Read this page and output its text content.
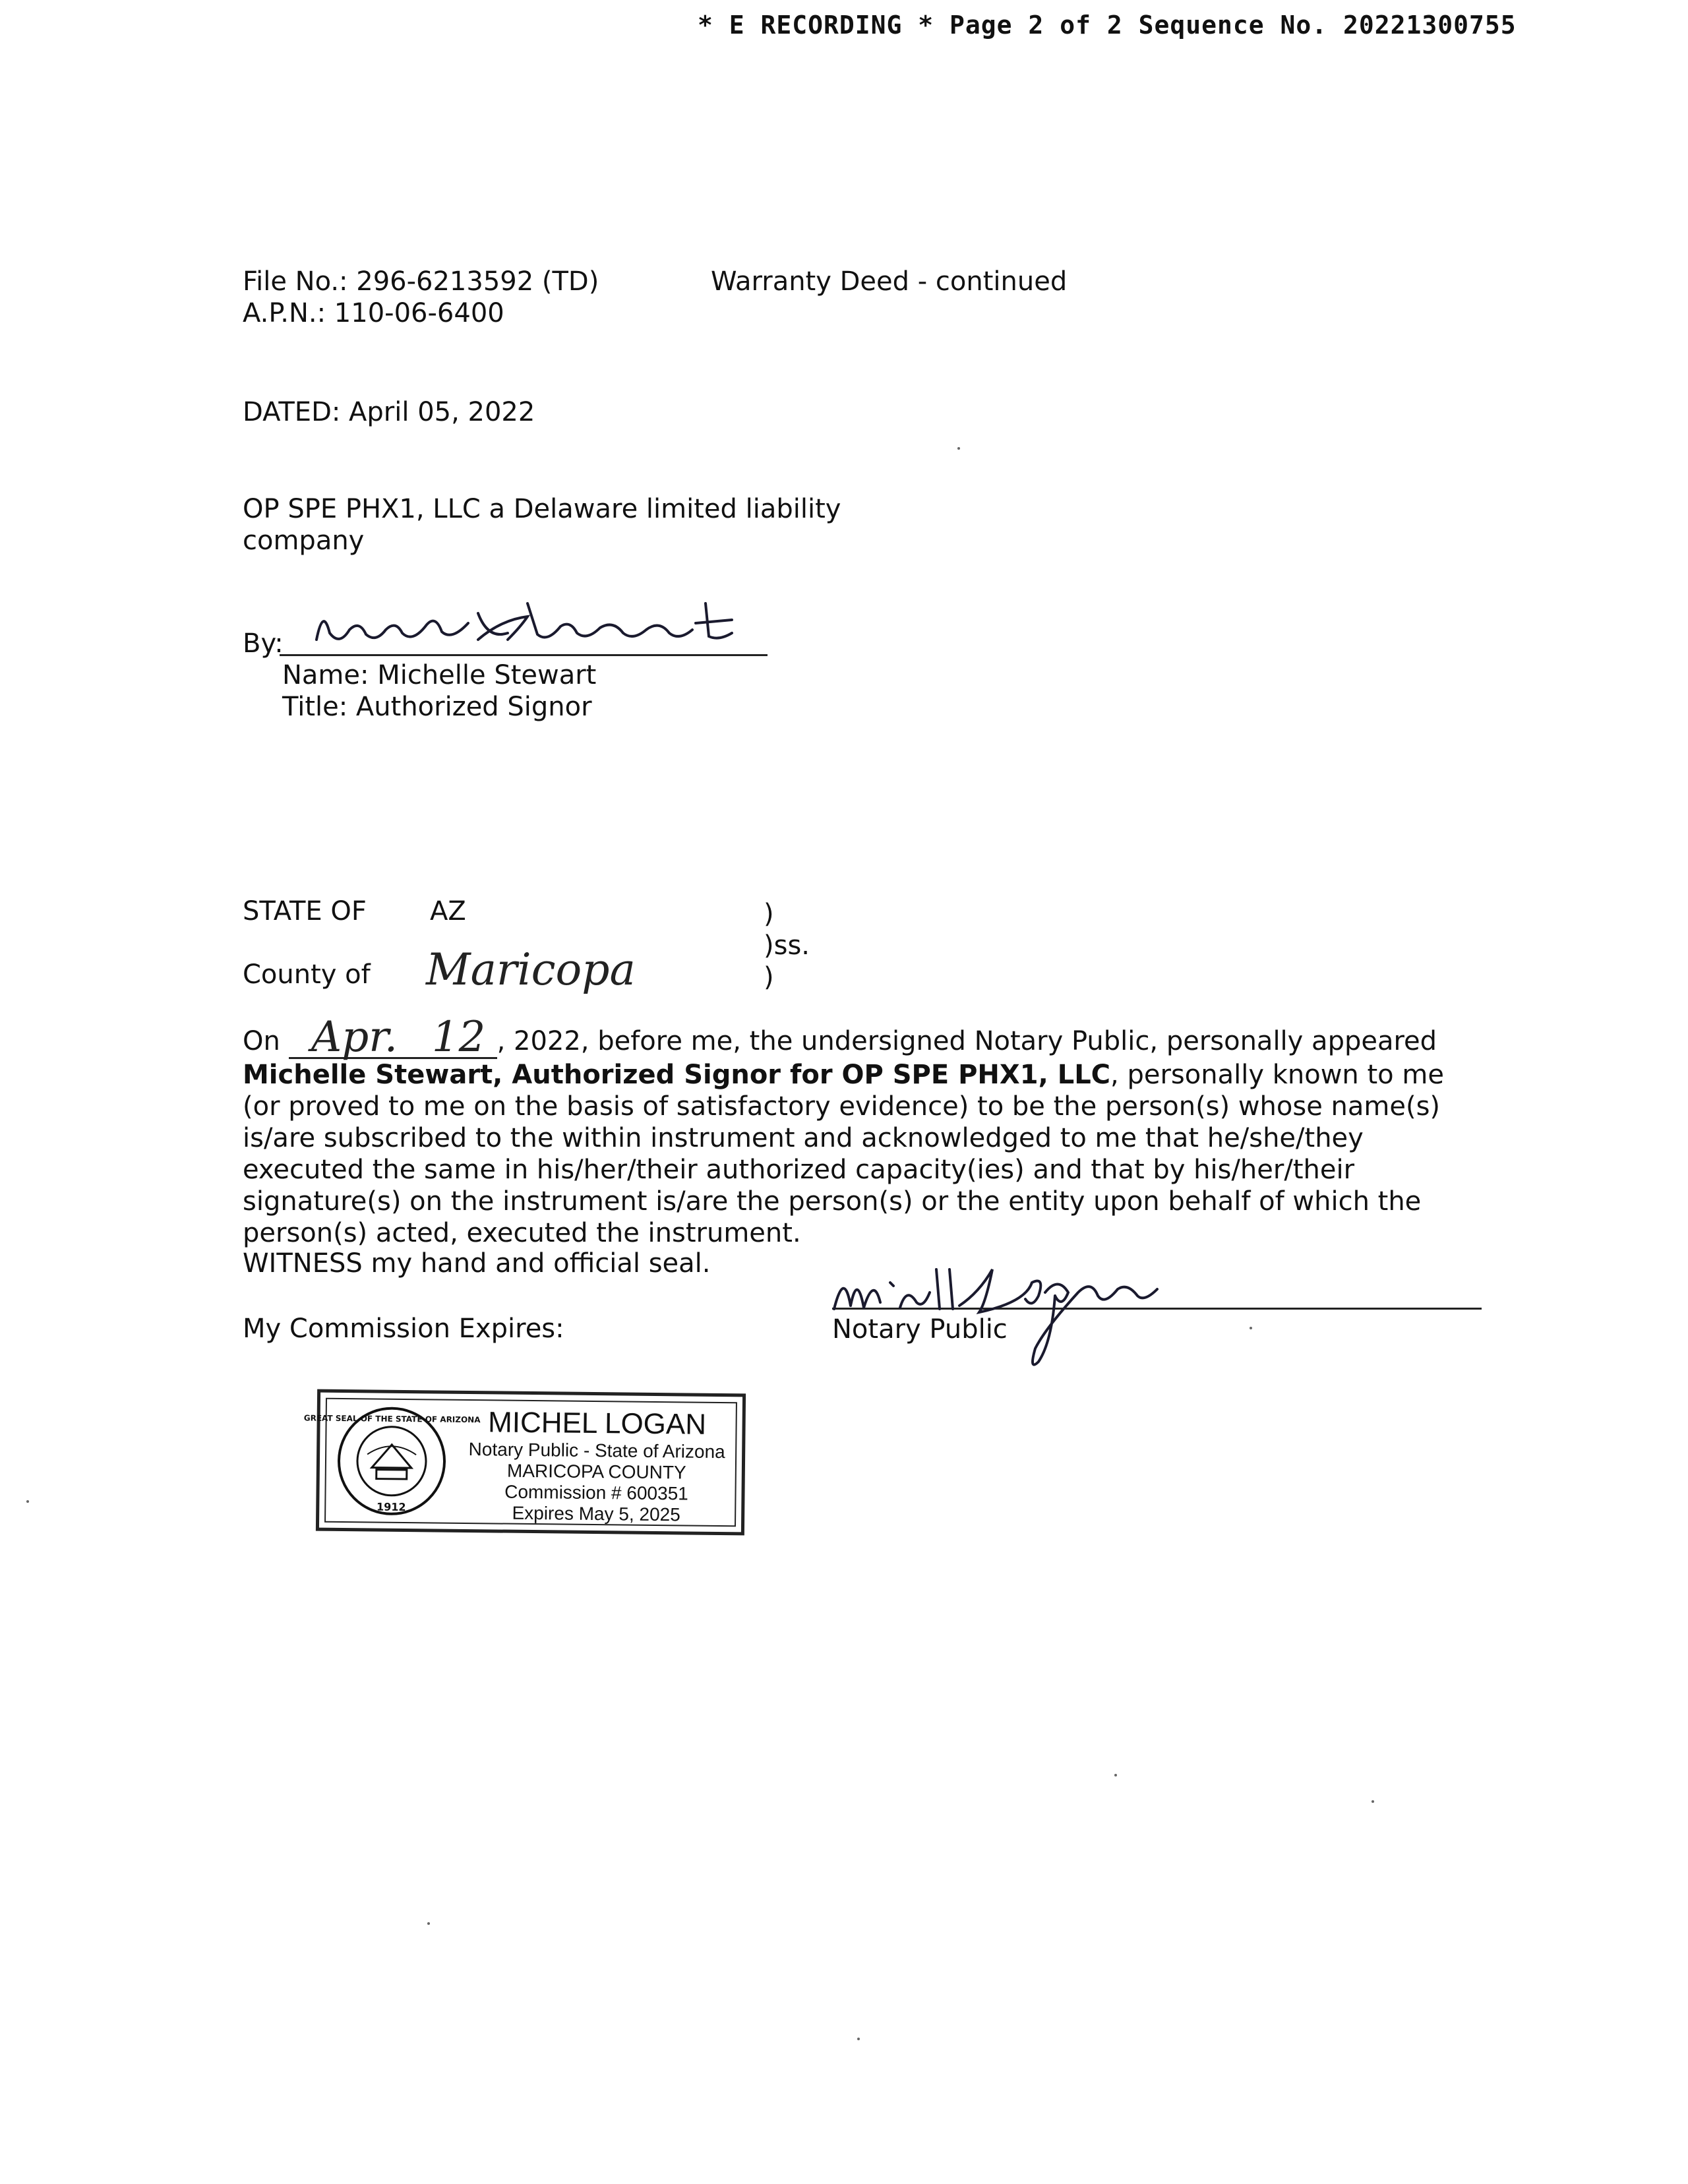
* E RECORDING * Page 2 of 2 Sequence No. 20221300755
File No.: 296-6213592 (TD)
A.P.N.: 110-06-6400
Warranty Deed - continued
DATED: April 05, 2022
OP SPE PHX1, LLC a Delaware limited liability
company
By:	Micca Stewart
Name: Michelle Stewart
Title: Authorized Signor
STATE OF AZ	)
)ss.
County of Maricopa	)
On Apr.
12 , 2022, before me, the undersigned Notary Public, personally appeared Michelle Stewart, Authorized Signor for OP SPE PHX1, LLC, personally known to me (or proved to me on the basis of satisfactory evidence) to be the person(s) whose name(s) is/are subscribed to the within instrument and acknowledged to me that he/she/they executed the same in his/her/their authorized capacity(ies) and that by his/her/their signature(s) on the instrument is/are the person(s) or the entity upon behalf of which the person(s) acted, executed the instrument.
WITNESS my hand and official seal.
My Commission Expires:
Michel Logan
Notary Public
GREAT SEAL OF THE STATE OF ARIZONA
1912
MICHEL LOGAN
Notary Public - State of Arizona
MARICOPA COUNTY
Commission # 600351
Expires May 5, 2025
